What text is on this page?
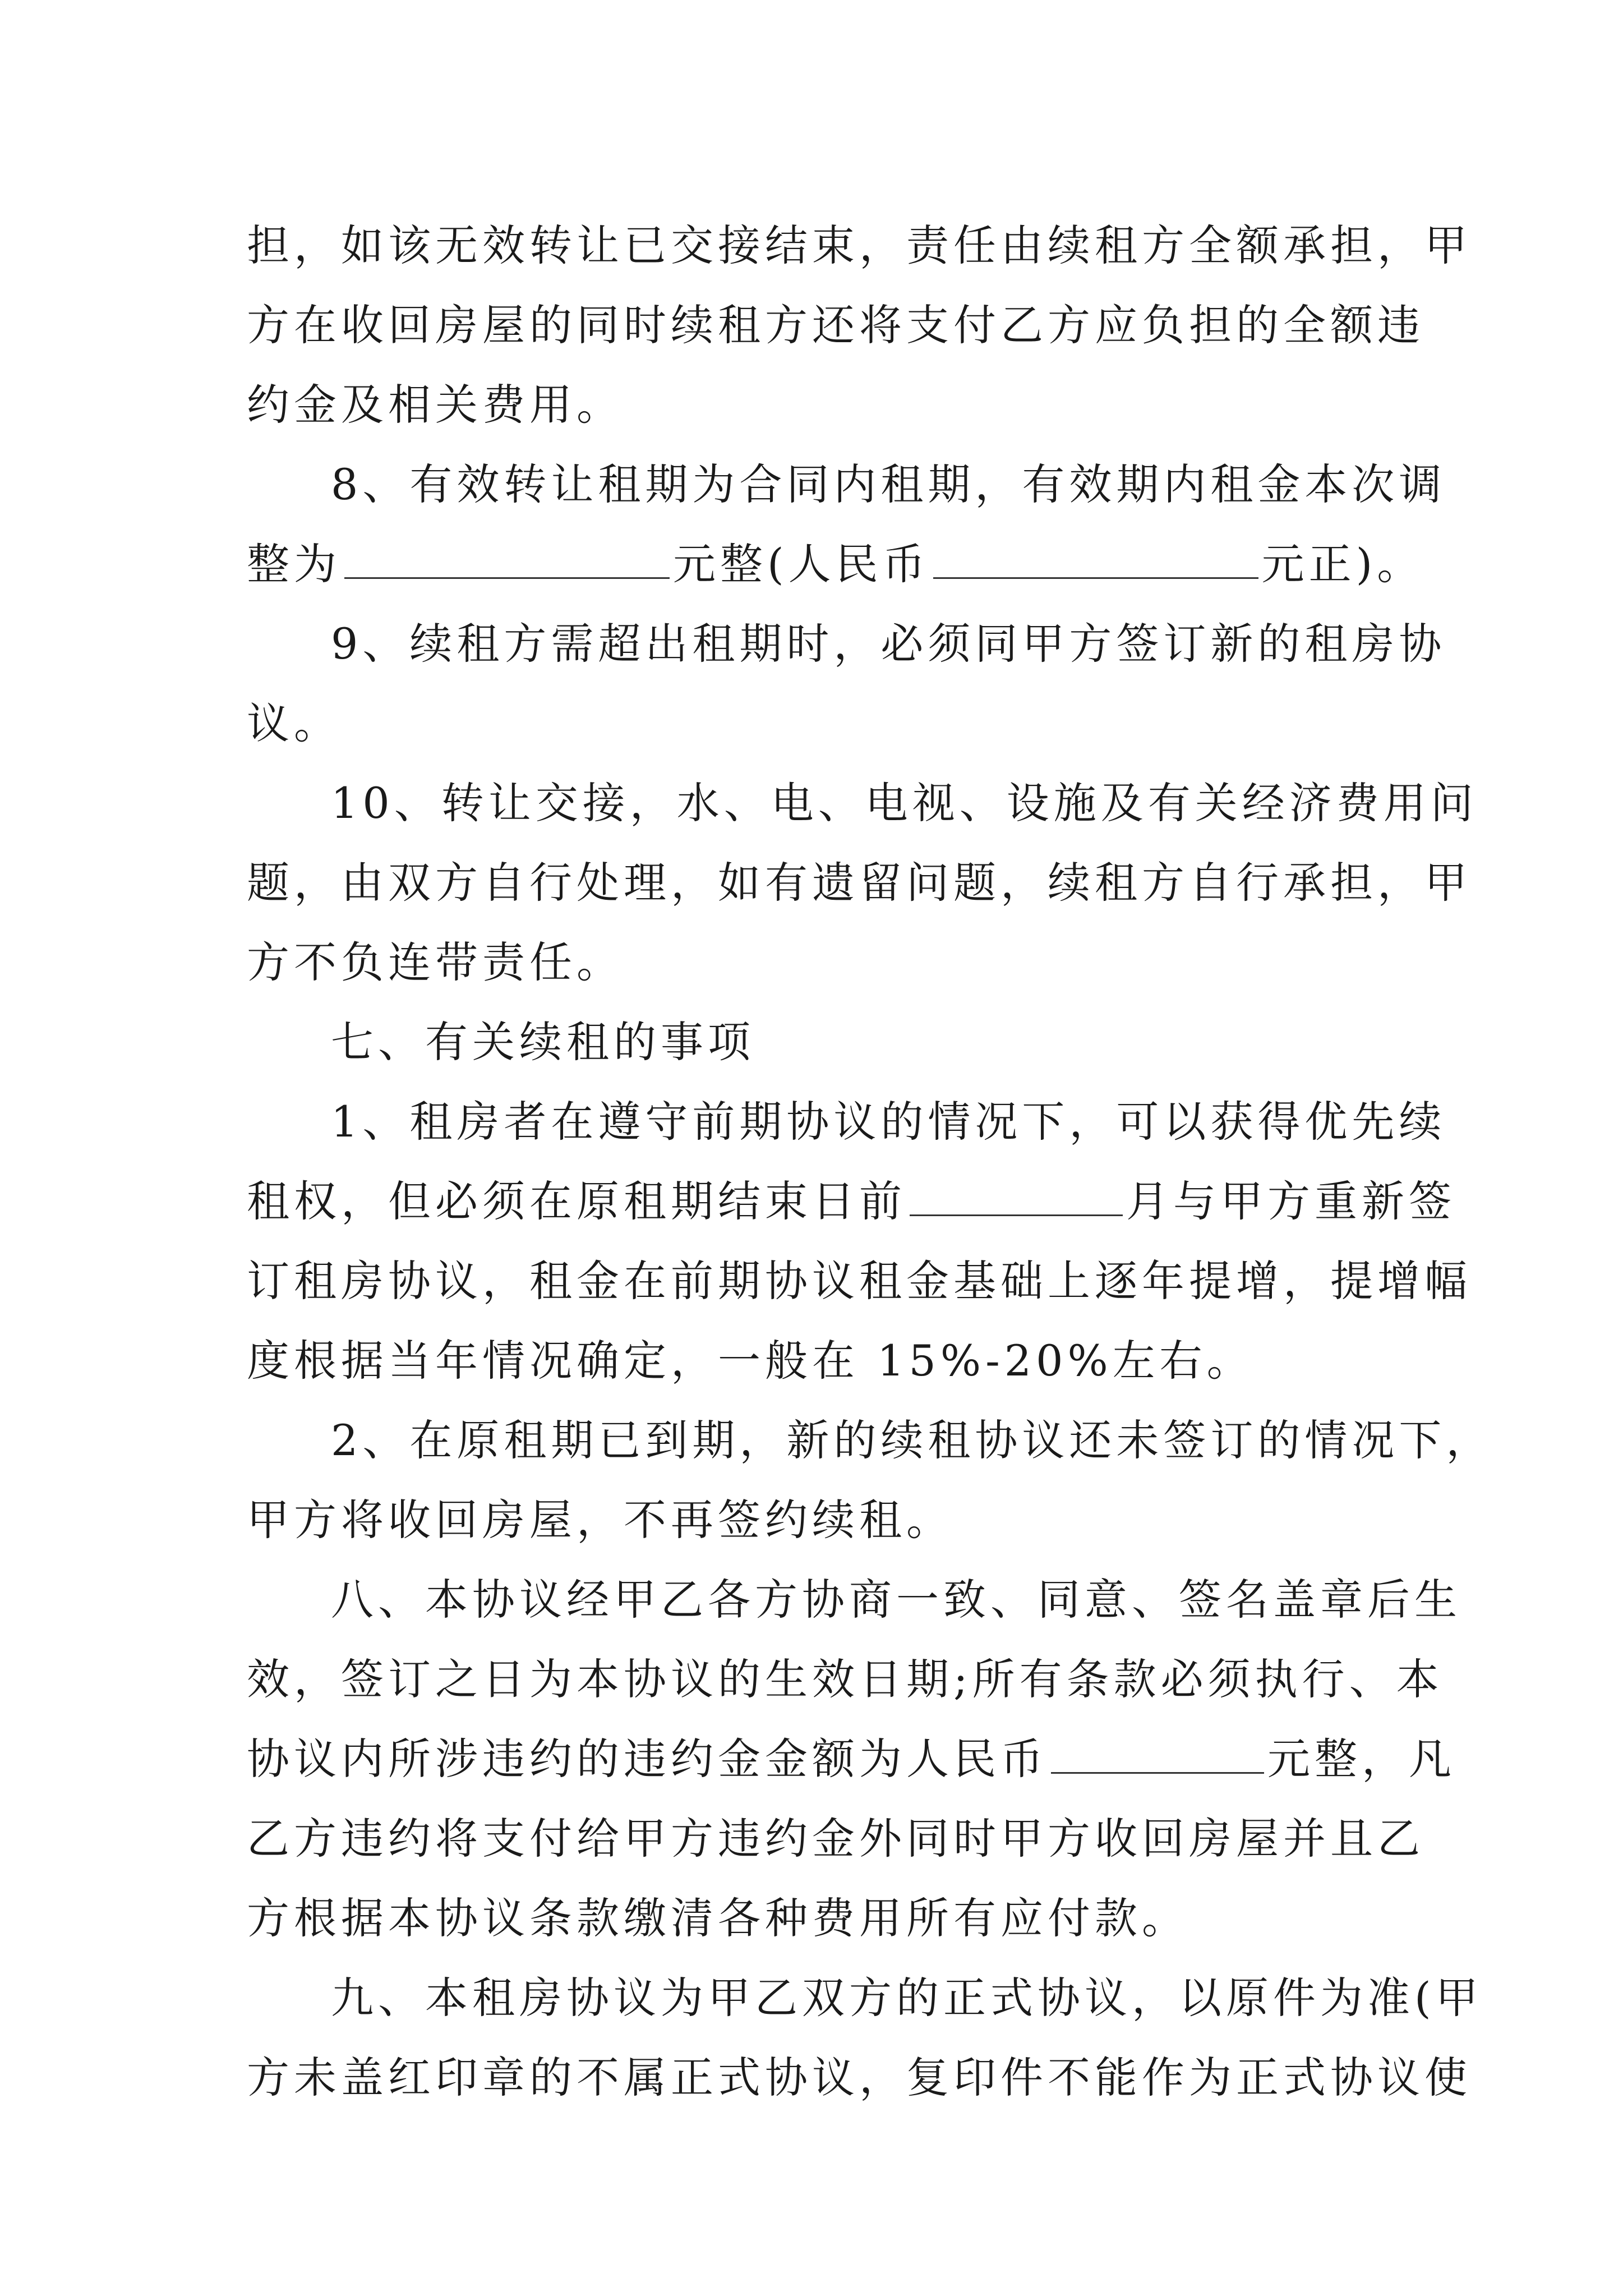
担，如该无效转让已交接结束，责任由续租方全额承担，甲
方在收回房屋的同时续租方还将支付乙方应负担的全额违
约金及相关费用。
8、有效转让租期为合同内租期，有效期内租金本次调
整为	元整(人民币	元正)。
9、续租方需超出租期时，必须同甲方签订新的租房协
议。
10、转让交接，水、电、电视、设施及有关经济费用问
题，由双方自行处理，如有遗留问题，续租方自行承担，甲
方不负连带责任。
七、有关续租的事项
1、租房者在遵守前期协议的情况下，可以获得优先续
租权，但必须在原租期结束日前	月与甲方重新签
订租房协议，租金在前期协议租金基础上逐年提增，提增幅
度根据当年情况确定，一般在 15%-20%左右。
2、在原租期已到期，新的续租协议还未签订的情况下，
甲方将收回房屋，不再签约续租。
八、本协议经甲乙各方协商一致、同意、签名盖章后生
效，签订之日为本协议的生效日期;所有条款必须执行、本
协议内所涉违约的违约金金额为人民币	元整，凡
乙方违约将支付给甲方违约金外同时甲方收回房屋并且乙
方根据本协议条款缴清各种费用所有应付款。
九、本租房协议为甲乙双方的正式协议，以原件为准(甲
方未盖红印章的不属正式协议，复印件不能作为正式协议使
